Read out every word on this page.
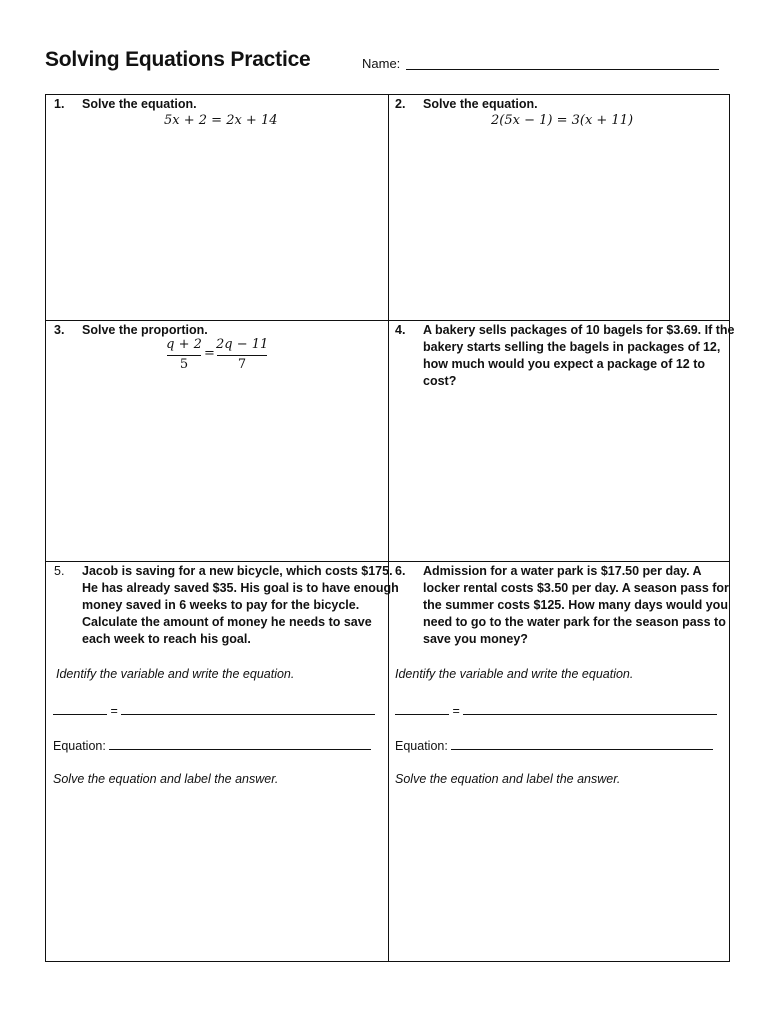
Solving Equations Practice	Name:
1.	Solve the equation.
5x + 2 = 2x + 14
2.	Solve the equation.
2(5x − 1) = 3(x + 11)
3.	Solve the proportion.
q + 2
5
=
2q − 11
7
4.	A bakery sells packages of 10 bagels for $3.69. If the
bakery starts selling the bagels in packages of 12,
how much would you expect a package of 12 to
cost?
5.	Jacob is saving for a new bicycle, which costs $175.
He has already saved $35. His goal is to have enough
money saved in 6 weeks to pay for the bicycle.
Calculate the amount of money he needs to save
each week to reach his goal.
Identify the variable and write the equation.
=
Equation:
Solve the equation and label the answer.
6.	Admission for a water park is $17.50 per day. A
locker rental costs $3.50 per day. A season pass for
the summer costs $125. How many days would you
need to go to the water park for the season pass to
save you money?
Identify the variable and write the equation.
=
Equation:
Solve the equation and label the answer.
